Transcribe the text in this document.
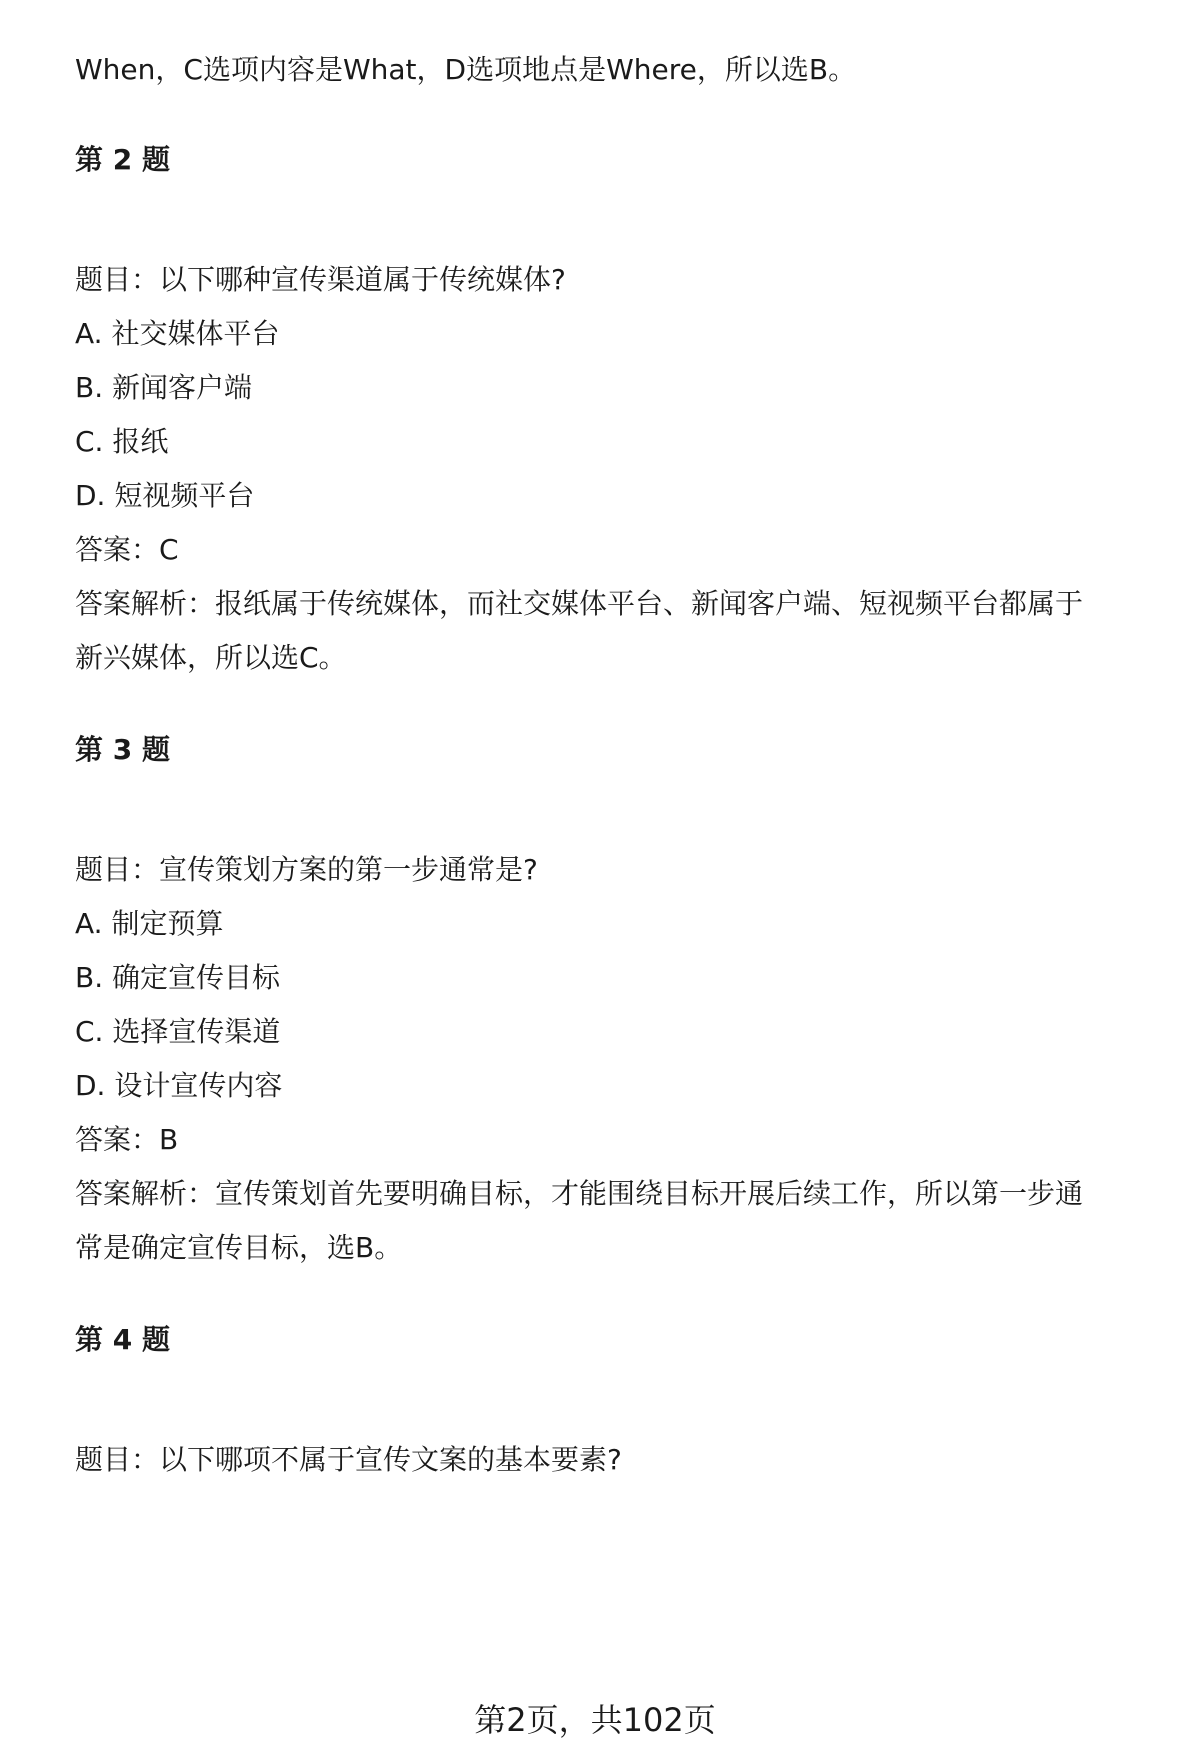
When，C选项内容是What，D选项地点是Where，所以选B。
第 2 题
题目：以下哪种宣传渠道属于传统媒体?
A. 社交媒体平台
B. 新闻客户端
C. 报纸
D. 短视频平台
答案：C
答案解析：报纸属于传统媒体，而社交媒体平台、新闻客户端、短视频平台都属于
新兴媒体，所以选C。
第 3 题
题目：宣传策划方案的第一步通常是?
A. 制定预算
B. 确定宣传目标
C. 选择宣传渠道
D. 设计宣传内容
答案：B
答案解析：宣传策划首先要明确目标，才能围绕目标开展后续工作，所以第一步通
常是确定宣传目标，选B。
第 4 题
题目：以下哪项不属于宣传文案的基本要素?
第2页，共102页
